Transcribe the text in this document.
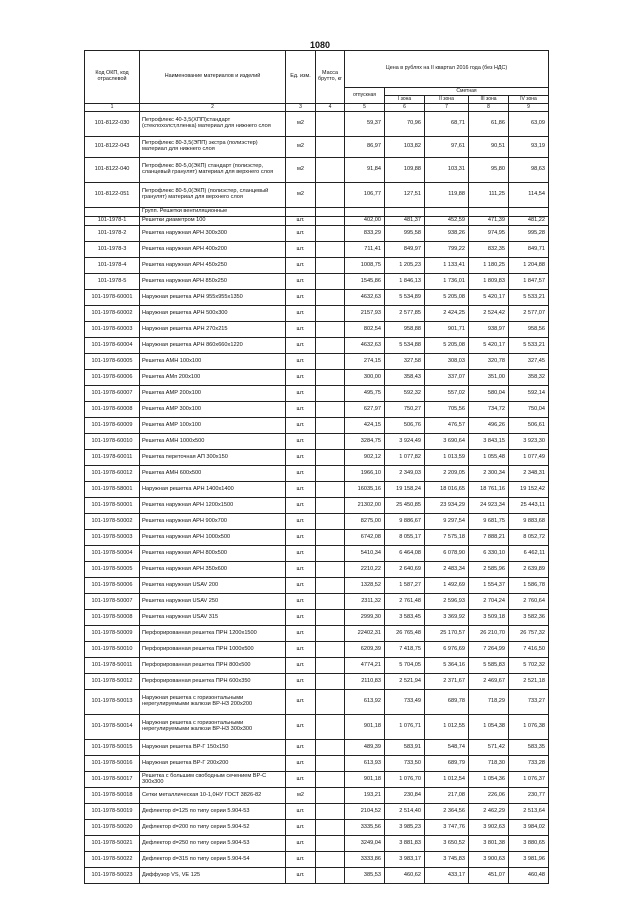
1080
Код ОКП, код отраслевой	Наименование материалов и изделий	Ед. изм.	Масса брутто, кг	Цена в рублях на II квартал 2016 года (без НДС)				
				отпускная	Сметная			
					I зона	II зона	III зона	IV зона

1	2	3	4	5	6	7	8	9
101-8122-030	Петрофлекс 40-3,5(ХПП)стандарт (стеклохолст,пленка) материал для нижнего слоя	м2		59,37	70,96	68,71	61,86	63,09
101-8122-043	Петрофлекс 80-3,5(ЭПП) экстра (полиэстер) материал для нижнего слоя	м2		86,97	103,82	97,61	90,51	93,19
101-8122-040	Петрофлекс 80-5,0(ЭКП) стандарт (полиэстер, сланцевый гранулят) материал для верхнего слоя	м2		91,84	109,88	103,31	95,80	98,63
101-8122-051	Петрофлекс 80-5,0(ЭКП) (полиэстер, сланцевый гранулят) материал для верхнего слоя	м2		106,77	127,51	119,88	111,25	114,54
	Групп. Решетки вентиляционные							
101-1978-1	Решетки диаметром 100	шт.		402,00	481,37	452,59	471,39	481,22
101-1978-2	Решетка наружная АРН 300x300	шт.		833,29	995,58	938,26	974,95	995,28
101-1978-3	Решетка наружная АРН 400x200	шт.		711,41	849,97	799,22	832,35	849,71
101-1978-4	Решетка наружная АРН 450x250	шт.		1008,75	1 205,23	1 133,41	1 180,25	1 204,88
101-1978-5	Решетка наружная АРН 850x250	шт.		1545,86	1 846,13	1 736,01	1 809,83	1 847,57
101-1978-60001	Наружная решетка АРН 955x955x1350	шт.		4632,63	5 534,89	5 205,08	5 420,17	5 533,21
101-1978-60002	Наружная решетка АРН 500x300	шт.		2157,93	2 577,85	2 424,25	2 524,42	2 577,07
101-1978-60003	Наружная решетка АРН 270x215	шт.		802,54	958,88	901,71	938,97	958,56
101-1978-60004	Наружная решетка АРН 860x660x1220	шт.		4632,63	5 534,88	5 205,08	5 420,17	5 533,21
101-1978-60005	Решетка АМН 100x100	шт.		274,15	327,58	308,03	320,78	327,45
101-1978-60006	Решетка АМп 200x100	шт.		300,00	358,43	337,07	351,00	358,32
101-1978-60007	Решетка АМР 200x100	шт.		495,75	592,32	557,02	580,04	592,14
101-1978-60008	Решетка АМР 300x100	шт.		627,97	750,27	705,56	734,72	750,04
101-1978-60009	Решетка АМР 100x100	шт.		424,15	506,76	476,57	496,26	506,61
101-1978-60010	Решетка АМН 1000x500	шт.		3284,75	3 924,49	3 690,64	3 843,15	3 923,30
101-1978-60011	Решетка переточная АП 300x150	шт.		902,12	1 077,82	1 013,59	1 055,48	1 077,49
101-1978-60012	Решетка АМН 600x500	шт.		1966,10	2 349,03	2 209,05	2 300,34	2 348,31
101-1978-58001	Наружная решетка АРН 1400x1400	шт.		16035,16	19 158,24	18 016,65	18 761,16	19 152,42
101-1978-50001	Решетка наружная АРН 1200x1500	шт.		21302,00	25 450,85	23 934,29	24 923,34	25 443,11
101-1978-50002	Решетка наружная АРН 900x700	шт.		8275,00	9 886,67	9 297,54	9 681,75	9 883,68
101-1978-50003	Решетка наружная АРН 1000x500	шт.		6742,08	8 055,17	7 575,18	7 888,21	8 052,72
101-1978-50004	Решетка наружная АРН 800x500	шт.		5410,34	6 464,08	6 078,90	6 330,10	6 462,11
101-1978-50005	Решетка наружная АРН 350x600	шт.		2210,22	2 640,69	2 483,34	2 585,96	2 639,89
101-1978-50006	Решетка наружная USAV 200	шт.		1328,52	1 587,27	1 492,69	1 554,37	1 586,78
101-1978-50007	Решетка наружная USAV 250	шт.		2311,32	2 761,48	2 596,93	2 704,24	2 760,64
101-1978-50008	Решетка наружная USAV 315	шт.		2999,30	3 583,45	3 369,92	3 509,18	3 582,36
101-1978-50009	Перфорированная решетка ПРН 1200x1500	шт.		22402,31	26 765,48	25 170,57	26 210,70	26 757,32
101-1978-50010	Перфорированная решетка ПРН 1000x500	шт.		6209,39	7 418,75	6 976,69	7 264,99	7 416,50
101-1978-50011	Перфорированная решетка ПРН 800x500	шт.		4774,21	5 704,05	5 364,16	5 585,83	5 702,32
101-1978-50012	Перфорированная решетка ПРН 600x350	шт.		2110,83	2 521,94	2 371,67	2 469,67	2 521,18
101-1978-50013	Наружная решетка с горизонтальными нерегулируемыми жалюзи ВР-НЗ 200x200	шт.		613,92	733,49	689,78	718,29	733,27
101-1978-50014	Наружная решетка с горизонтальными нерегулируемыми жалюзи ВР-НЗ 300x300	шт.		901,18	1 076,71	1 012,55	1 054,38	1 076,38
101-1978-50015	Наружная решетка ВР-Г 150x150	шт.		489,39	583,91	548,74	571,42	583,35
101-1978-50016	Наружная решетка ВР-Г 200x200	шт.		613,93	733,50	689,79	718,30	733,28
101-1978-50017	Решетка с большим свободным сечением ВР-С 300x300	шт.		901,18	1 076,70	1 012,54	1 054,36	1 076,37
101-1978-50018	Сетки металлическая 10-1,0НУ ГОСТ 3826-82	м2		193,21	230,84	217,08	226,06	230,77
101-1978-50019	Дефлектор d=125 по типу серии 5.904-53	шт.		2104,52	2 514,40	2 364,56	2 462,29	2 513,64
101-1978-50020	Дефлектор d=200 по типу серии 5.904-52	шт.		3335,56	3 985,23	3 747,76	3 902,63	3 984,02
101-1978-50021	Дефлектор d=250 по типу серии 5.904-53	шт.		3249,04	3 881,83	3 650,52	3 801,38	3 880,65
101-1978-50022	Дефлектор d=315 по типу серии 5.904-54	шт.		3333,86	3 983,17	3 745,83	3 900,63	3 981,96
101-1978-50023	Диффузор VS, VE 125	шт.		385,53	460,62	433,17	451,07	460,48
